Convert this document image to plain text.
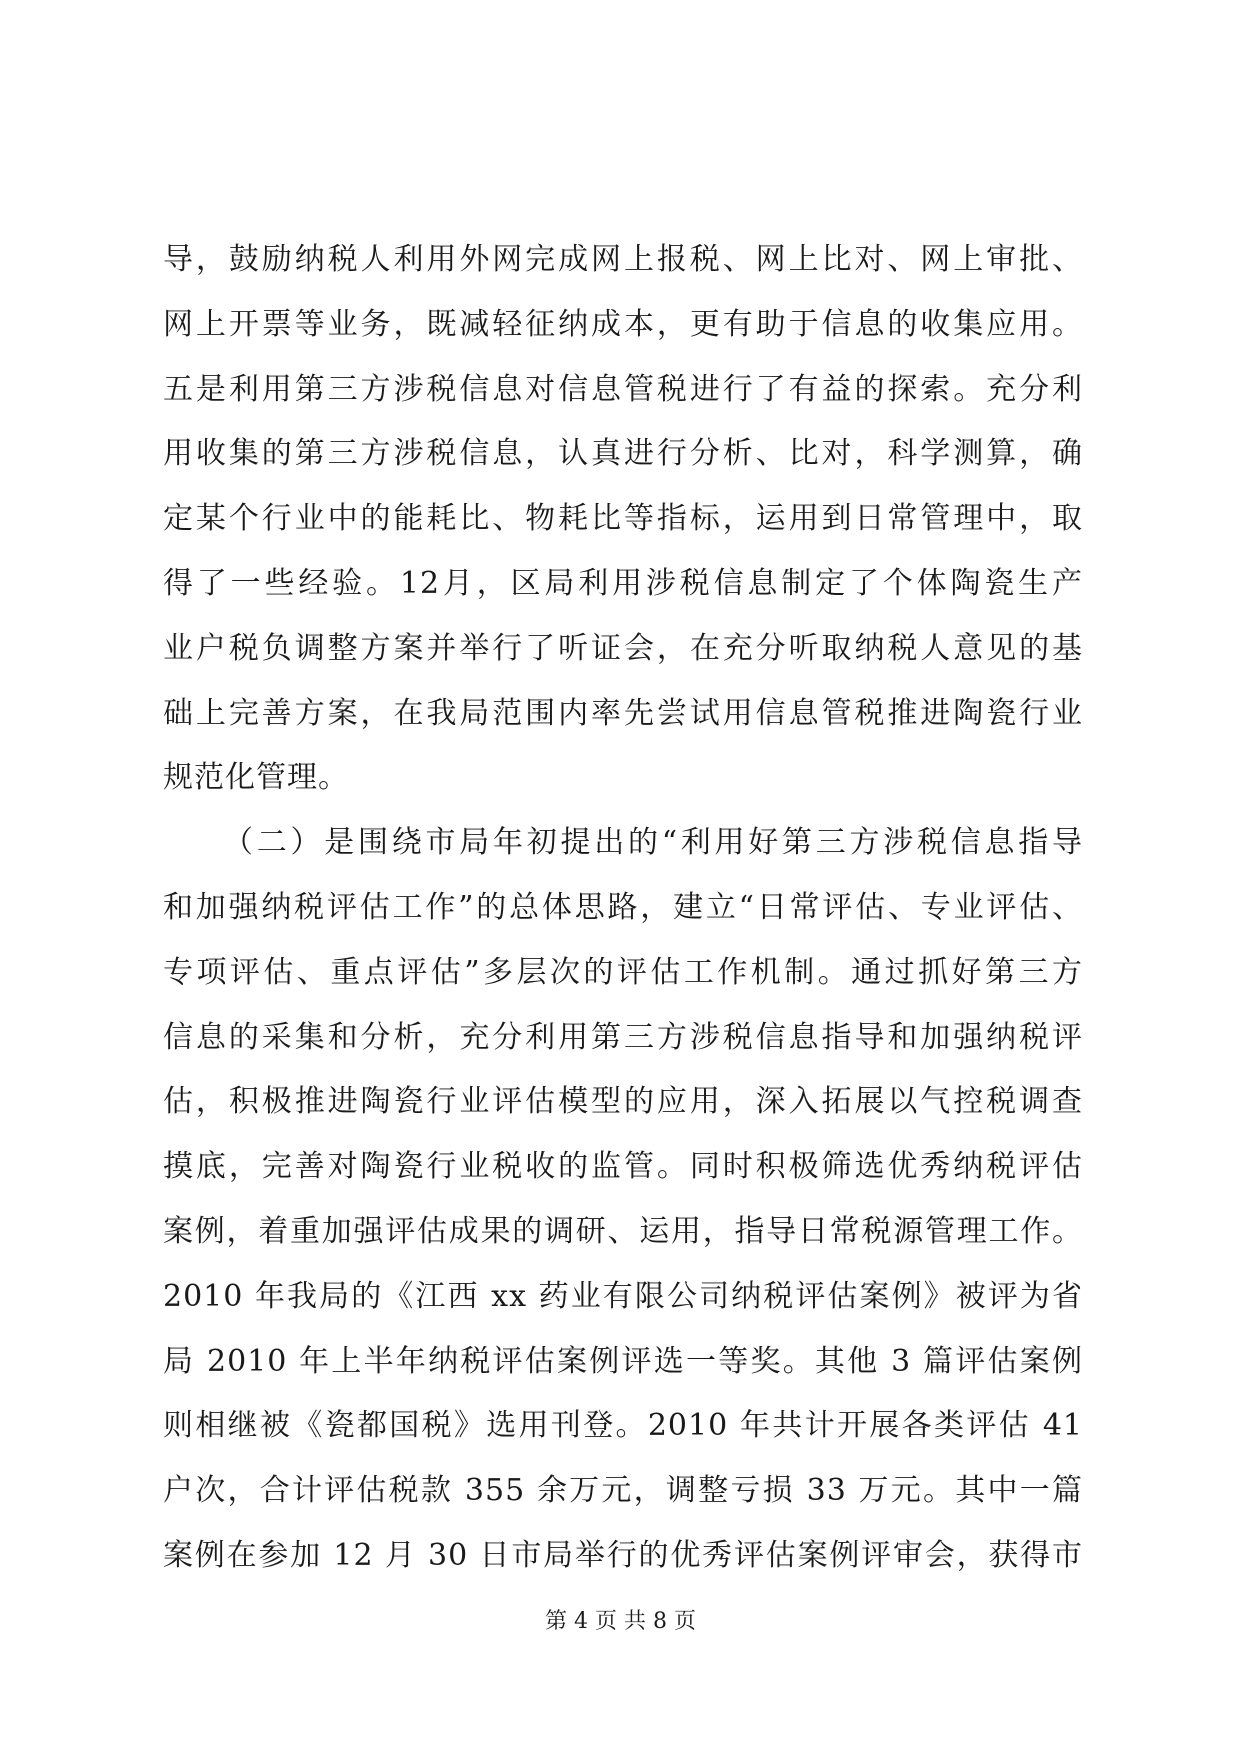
导，鼓励纳税人利用外网完成网上报税、网上比对、网上审批、
网上开票等业务，既减轻征纳成本，更有助于信息的收集应用。
五是利用第三方涉税信息对信息管税进行了有益的探索。充分利
用收集的第三方涉税信息，认真进行分析、比对，科学测算，确
定某个行业中的能耗比、物耗比等指标，运用到日常管理中，取
得了一些经验。12月，区局利用涉税信息制定了个体陶瓷生产
业户税负调整方案并举行了听证会，在充分听取纳税人意见的基
础上完善方案，在我局范围内率先尝试用信息管税推进陶瓷行业
规范化管理。
（二）是围绕市局年初提出的“利用好第三方涉税信息指导
和加强纳税评估工作”的总体思路，建立“日常评估、专业评估、
专项评估、重点评估”多层次的评估工作机制。通过抓好第三方
信息的采集和分析，充分利用第三方涉税信息指导和加强纳税评
估，积极推进陶瓷行业评估模型的应用，深入拓展以气控税调查
摸底，完善对陶瓷行业税收的监管。同时积极筛选优秀纳税评估
案例，着重加强评估成果的调研、运用，指导日常税源管理工作。
2010 年我局的《江西 xx 药业有限公司纳税评估案例》被评为省
局 2010 年上半年纳税评估案例评选一等奖。其他 3 篇评估案例
则相继被《瓷都国税》选用刊登。2010 年共计开展各类评估 41
户次，合计评估税款 355 余万元，调整亏损 33 万元。其中一篇
案例在参加 12 月 30 日市局举行的优秀评估案例评审会，获得市
第 4 页 共 8 页
